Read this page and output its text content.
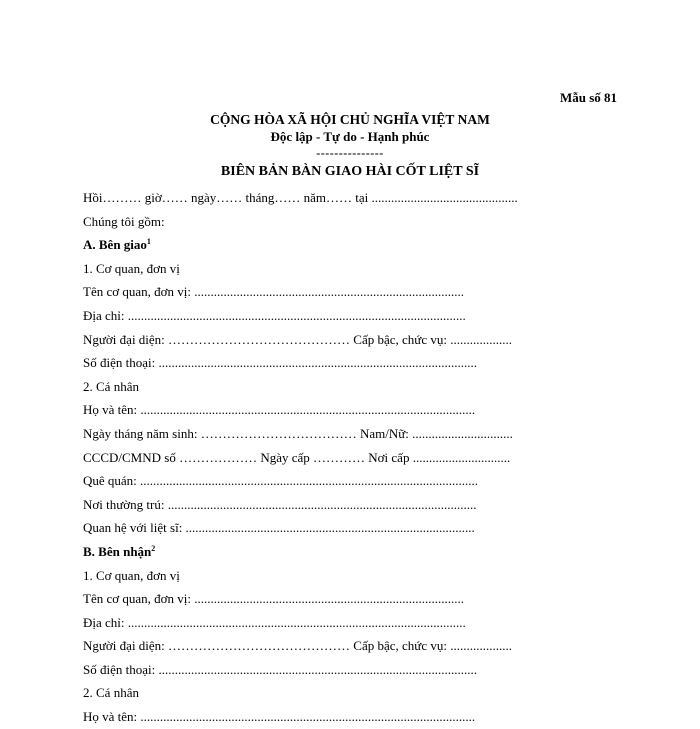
Mẫu số 81
CỘNG HÒA XÃ HỘI CHỦ NGHĨA VIỆT NAM
Độc lập - Tự do - Hạnh phúc
---------------
BIÊN BẢN BÀN GIAO HÀI CỐT LIỆT SĨ
Hồi……… giờ…… ngày…… tháng…… năm…… tại .............................................
Chúng tôi gồm:
A. Bên giao$^1$
1. Cơ quan, đơn vị
Tên cơ quan, đơn vị: ...................................................................................
Địa chỉ: ........................................................................................................
Người đại diện: …………………………………… Cấp bậc, chức vụ: ...................
Số điện thoại: ..................................................................................................
2. Cá nhân
Họ và tên: .......................................................................................................
Ngày tháng năm sinh: ……………………………… Nam/Nữ: ...............................
CCCD/CMND số ……………… Ngày cấp ………… Nơi cấp ..............................
Quê quán: ........................................................................................................
Nơi thường trú: ...............................................................................................
Quan hệ với liệt sĩ: .........................................................................................
B. Bên nhận$^2$
1. Cơ quan, đơn vị
Tên cơ quan, đơn vị: ...................................................................................
Địa chỉ: ........................................................................................................
Người đại diện: …………………………………… Cấp bậc, chức vụ: ...................
Số điện thoại: ..................................................................................................
2. Cá nhân
Họ và tên: .......................................................................................................
